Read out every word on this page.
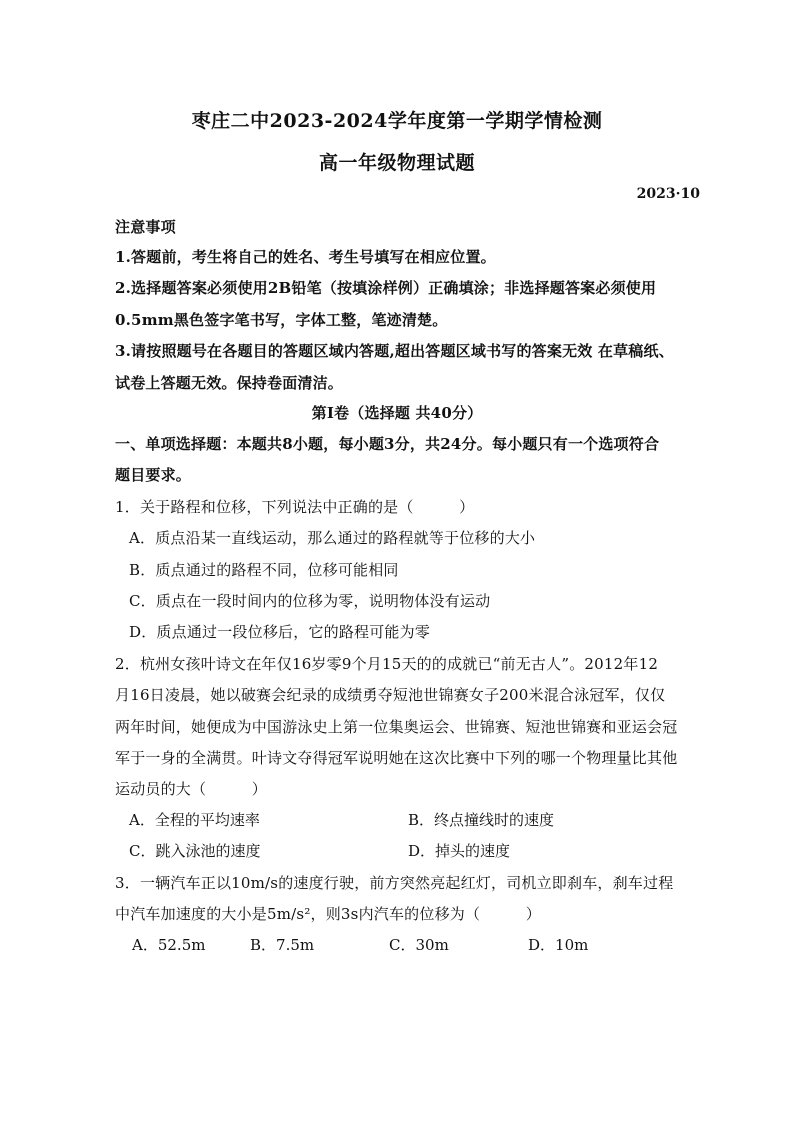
枣庄二中2023-2024学年度第一学期学情检测
高一年级物理试题
2023·10
注意事项
1.答题前，考生将自己的姓名、考生号填写在相应位置。
2.选择题答案必须使用2B铅笔（按填涂样例）正确填涂；非选择题答案必须使用
0.5mm黑色签字笔书写，字体工整，笔迹清楚。
3.请按照题号在各题目的答题区域内答题,超出答题区域书写的答案无效 在草稿纸、
试卷上答题无效。保持卷面清洁。
第Ⅰ卷（选择题 共40分）
一、单项选择题：本题共8小题，每小题3分，共24分。每小题只有一个选项符合
题目要求。
1．关于路程和位移，下列说法中正确的是（　　　）
A．质点沿某一直线运动，那么通过的路程就等于位移的大小
B．质点通过的路程不同，位移可能相同
C．质点在一段时间内的位移为零，说明物体没有运动
D．质点通过一段位移后，它的路程可能为零
2．杭州女孩叶诗文在年仅16岁零9个月15天的的成就已“前无古人”。2012年12
月16日凌晨，她以破赛会纪录的成绩勇夺短池世锦赛女子200米混合泳冠军，仅仅
两年时间，她便成为中国游泳史上第一位集奥运会、世锦赛、短池世锦赛和亚运会冠
军于一身的全满贯。叶诗文夺得冠军说明她在这次比赛中下列的哪一个物理量比其他
运动员的大（　　　）
A．全程的平均速率	B．终点撞线时的速度
C．跳入泳池的速度	D．掉头的速度
3．一辆汽车正以10m/s的速度行驶，前方突然亮起红灯，司机立即刹车，刹车过程
中汽车加速度的大小是5m/s²，则3s内汽车的位移为（　　　）
A．52.5m	B．7.5m	C．30m	D．10m
